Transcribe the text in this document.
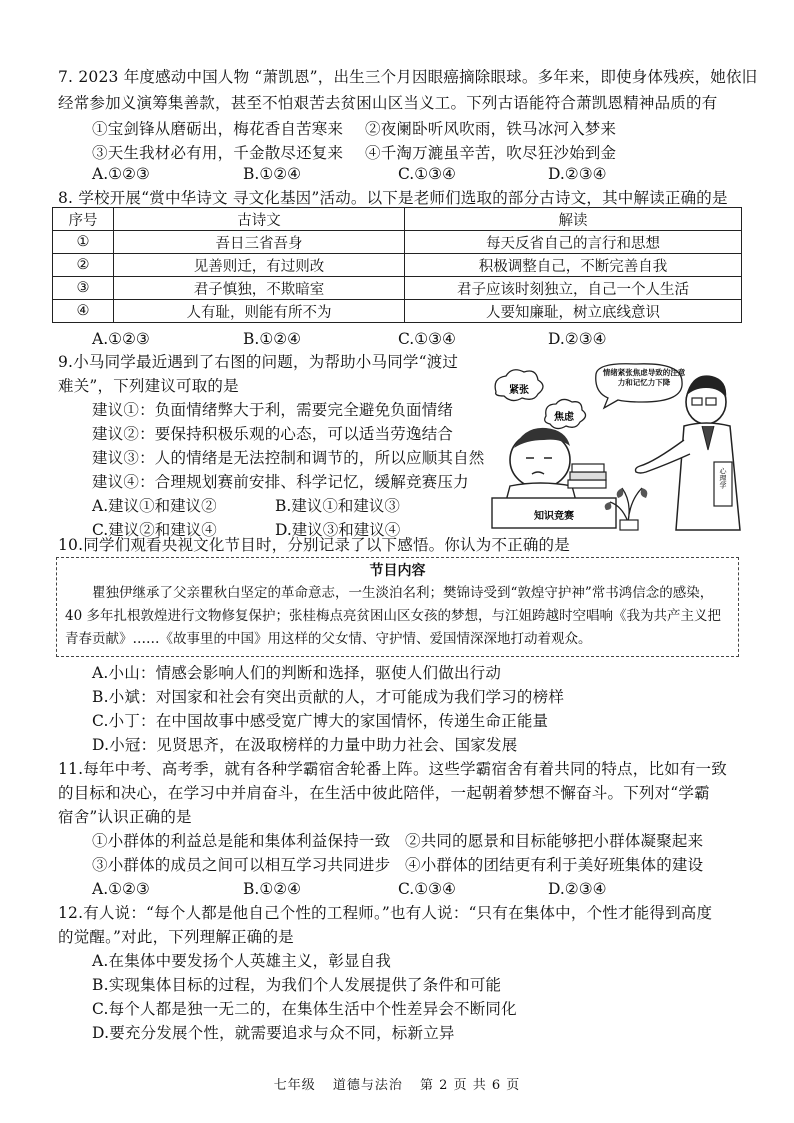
7. 2023 年度感动中国人物 “萧凯恩”，出生三个月因眼癌摘除眼球。多年来，即使身体残疾，她依旧
经常参加义演筹集善款，甚至不怕艰苦去贫困山区当义工。下列古语能符合萧凯恩精神品质的有
①宝剑锋从磨砺出，梅花香自苦寒来 ②夜阑卧听风吹雨，铁马冰河入梦来
③天生我材必有用，千金散尽还复来 ④千淘万漉虽辛苦，吹尽狂沙始到金
A.①②③	B.①②④	C.①③④	D.②③④
8. 学校开展“赏中华诗文 寻文化基因”活动。以下是老师们选取的部分古诗文，其中解读正确的是
序号	古诗文	解读
①	吾日三省吾身	每天反省自己的言行和思想
②	见善则迁，有过则改	积极调整自己，不断完善自我
③	君子慎独，不欺暗室	君子应该时刻独立，自己一个人生活
④	人有耻，则能有所不为	人要知廉耻，树立底线意识
A.①②③	B.①②④	C.①③④	D.②③④
9.小马同学最近遇到了右图的问题，为帮助小马同学“渡过
难关”，下列建议可取的是
建议①：负面情绪弊大于利，需要完全避免负面情绪
建议②：要保持积极乐观的心态，可以适当劳逸结合
建议③：人的情绪是无法控制和调节的，所以应顺其自然
建议④：合理规划赛前安排、科学记忆，缓解竞赛压力
A.建议①和建议②	B.建议①和建议③
C.建议②和建议④	D.建议③和建议④
紧张
焦虑
知识竞赛
情绪紧张焦虑导致的注意力和记忆力下降
心理学
10.同学们观看央视文化节目时，分别记录了以下感悟。你认为不正确的是
节目内容
瞿独伊继承了父亲瞿秋白坚定的革命意志，一生淡泊名利；樊锦诗受到“敦煌守护神”常书鸿信念的感染，40 多年扎根敦煌进行文物修复保护；张桂梅点亮贫困山区女孩的梦想，与江姐跨越时空唱响《我为共产主义把青春贡献》……《故事里的中国》用这样的父女情、守护情、爱国情深深地打动着观众。
A.小山：情感会影响人们的判断和选择，驱使人们做出行动
B.小斌：对国家和社会有突出贡献的人，才可能成为我们学习的榜样
C.小丁：在中国故事中感受宽广博大的家国情怀，传递生命正能量
D.小冠：见贤思齐，在汲取榜样的力量中助力社会、国家发展
11.每年中考、高考季，就有各种学霸宿舍轮番上阵。这些学霸宿舍有着共同的特点，比如有一致
的目标和决心，在学习中并肩奋斗，在生活中彼此陪伴，一起朝着梦想不懈奋斗。下列对“学霸
宿舍”认识正确的是
①小群体的利益总是能和集体利益保持一致 ②共同的愿景和目标能够把小群体凝聚起来
③小群体的成员之间可以相互学习共同进步 ④小群体的团结更有利于美好班集体的建设
A.①②③	B.①②④	C.①③④	D.②③④
12.有人说：“每个人都是他自己个性的工程师。”也有人说：“只有在集体中，个性才能得到高度
的觉醒。”对此，下列理解正确的是
A.在集体中要发扬个人英雄主义，彰显自我
B.实现集体目标的过程，为我们个人发展提供了条件和可能
C.每个人都是独一无二的，在集体生活中个性差异会不断同化
D.要充分发展个性，就需要追求与众不同，标新立异
七年级 道德与法治 第 2 页 共 6 页
